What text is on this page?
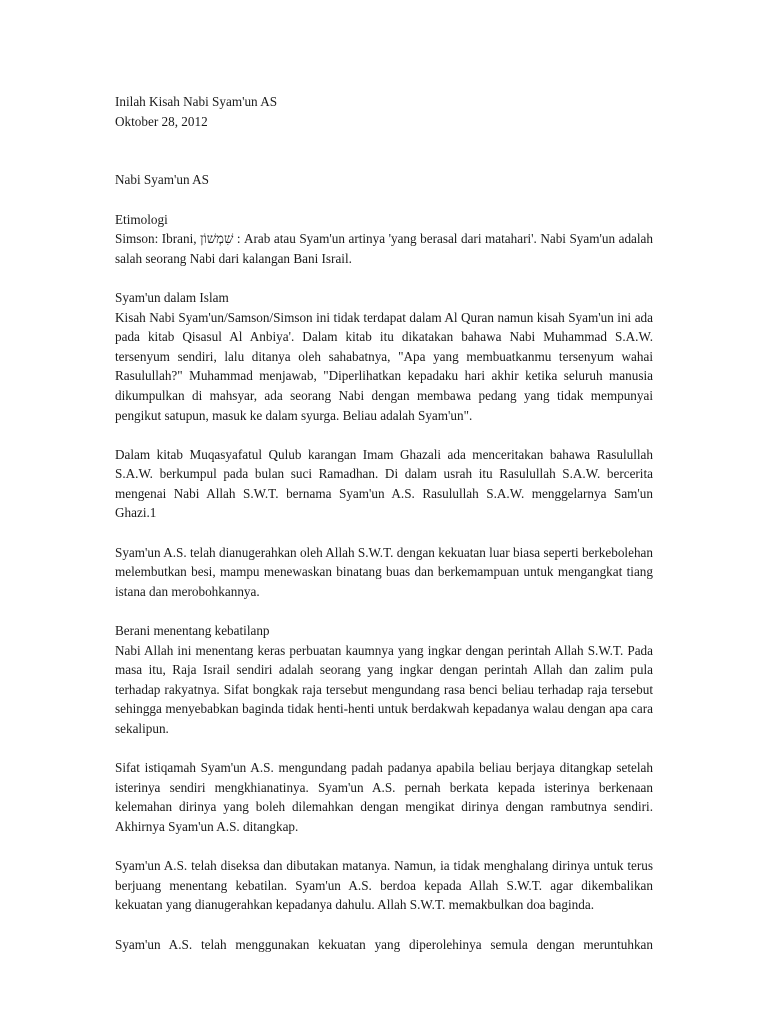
Inilah Kisah Nabi Syam'un AS

Oktober 28, 2012

Nabi Syam'un AS

Etimologi

Simson: Ibrani, שִׁמְשׁוֹן : Arab atau Syam'un artinya 'yang berasal dari matahari'. Nabi Syam'un adalah salah seorang Nabi dari kalangan Bani Israil.

Syam'un dalam Islam

Kisah Nabi Syam'un/Samson/Simson ini tidak terdapat dalam Al Quran namun kisah Syam'un ini ada pada kitab Qisasul Al Anbiya'. Dalam kitab itu dikatakan bahawa Nabi Muhammad S.A.W. tersenyum sendiri, lalu ditanya oleh sahabatnya, "Apa yang membuatkanmu tersenyum wahai Rasulullah?" Muhammad menjawab, "Diperlihatkan kepadaku hari akhir ketika seluruh manusia dikumpulkan di mahsyar, ada seorang Nabi dengan membawa pedang yang tidak mempunyai pengikut satupun, masuk ke dalam syurga. Beliau adalah Syam'un".

Dalam kitab Muqasyafatul Qulub karangan Imam Ghazali ada menceritakan bahawa Rasulullah S.A.W. berkumpul pada bulan suci Ramadhan. Di dalam usrah itu Rasulullah S.A.W. bercerita mengenai Nabi Allah S.W.T. bernama Syam'un A.S. Rasulullah S.A.W. menggelarnya Sam'un Ghazi.1

Syam'un A.S. telah dianugerahkan oleh Allah S.W.T. dengan kekuatan luar biasa seperti berkebolehan melembutkan besi, mampu menewaskan binatang buas dan berkemampuan untuk mengangkat tiang istana dan merobohkannya.

Berani menentang kebatilanp

Nabi Allah ini menentang keras perbuatan kaumnya yang ingkar dengan perintah Allah S.W.T. Pada masa itu, Raja Israil sendiri adalah seorang yang ingkar dengan perintah Allah dan zalim pula terhadap rakyatnya. Sifat bongkak raja tersebut mengundang rasa benci beliau terhadap raja tersebut sehingga menyebabkan baginda tidak henti-henti untuk berdakwah kepadanya walau dengan apa cara sekalipun.

Sifat istiqamah Syam'un A.S. mengundang padah padanya apabila beliau berjaya ditangkap setelah isterinya sendiri mengkhianatinya. Syam'un A.S. pernah berkata kepada isterinya berkenaan kelemahan dirinya yang boleh dilemahkan dengan mengikat dirinya dengan rambutnya sendiri. Akhirnya Syam'un A.S. ditangkap.

Syam'un A.S. telah diseksa dan dibutakan matanya. Namun, ia tidak menghalang dirinya untuk terus berjuang menentang kebatilan. Syam'un A.S. berdoa kepada Allah S.W.T. agar dikembalikan kekuatan yang dianugerahkan kepadanya dahulu. Allah S.W.T. memakbulkan doa baginda.

Syam'un A.S. telah menggunakan kekuatan yang diperolehinya semula dengan meruntuhkan
